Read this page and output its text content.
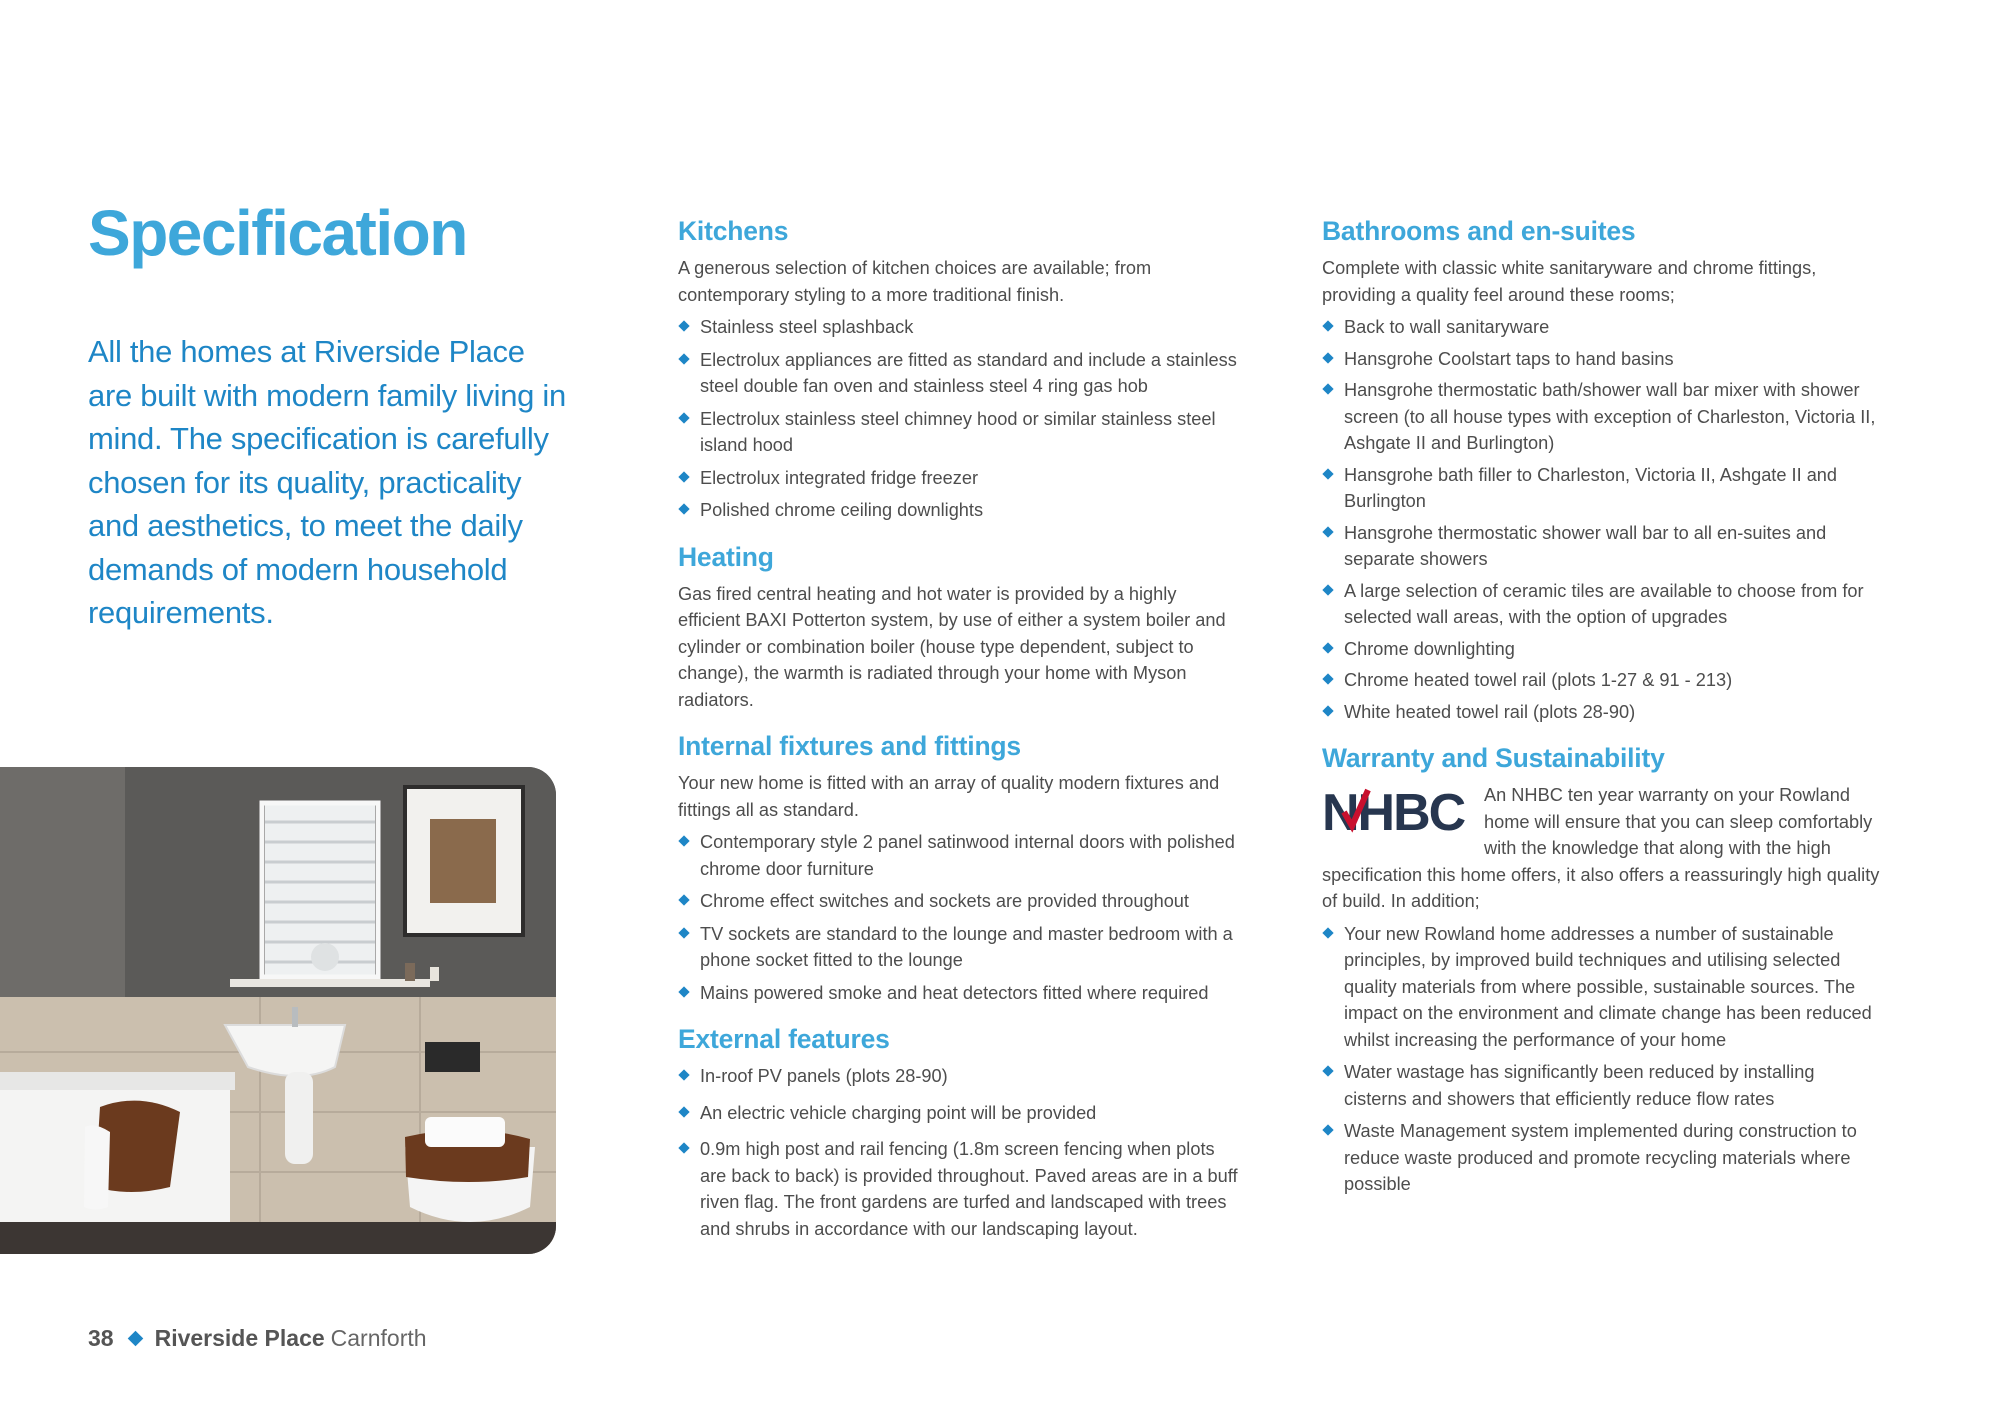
Specification

All the homes at Riverside Place are built with modern family living in mind. The specification is carefully chosen for its quality, practicality and aesthetics, to meet the daily demands of modern household requirements.

Kitchens

A generous selection of kitchen choices are available; from contemporary styling to a more traditional finish.

Stainless steel splashback
Electrolux appliances are fitted as standard and include a stainless steel double fan oven and stainless steel 4 ring gas hob
Electrolux stainless steel chimney hood or similar stainless steel island hood
Electrolux integrated fridge freezer
Polished chrome ceiling downlights
Heating

Gas fired central heating and hot water is provided by a highly efficient BAXI Potterton system, by use of either a system boiler and cylinder or combination boiler (house type dependent, subject to change), the warmth is radiated through your home with Myson radiators.

Internal fixtures and fittings

Your new home is fitted with an array of quality modern fixtures and fittings all as standard.

Contemporary style 2 panel satinwood internal doors with polished chrome door furniture
Chrome effect switches and sockets are provided throughout
TV sockets are standard to the lounge and master bedroom with a phone socket fitted to the lounge
Mains powered smoke and heat detectors fitted where required
External features
In-roof PV panels (plots 28-90)
An electric vehicle charging point will be provided
0.9m high post and rail fencing (1.8m screen fencing when plots are back to back) is provided throughout. Paved areas are in a buff riven flag. The front gardens are turfed and landscaped with trees and shrubs in accordance with our landscaping layout.
Bathrooms and en-suites

Complete with classic white sanitaryware and chrome fittings, providing a quality feel around these rooms;

Back to wall sanitaryware
Hansgrohe Coolstart taps to hand basins
Hansgrohe thermostatic bath/shower wall bar mixer with shower screen (to all house types with exception of Charleston, Victoria II, Ashgate II and Burlington)
Hansgrohe bath filler to Charleston, Victoria II, Ashgate II and Burlington
Hansgrohe thermostatic shower wall bar to all en-suites and separate showers
A large selection of ceramic tiles are available to choose from for selected wall areas, with the option of upgrades
Chrome downlighting
Chrome heated towel rail (plots 1-27 & 91 - 213)
White heated towel rail (plots 28-90)
Warranty and Sustainability
NHBC	An NHBC ten year warranty on your Rowland home will ensure that you can sleep comfortably with the knowledge that along with the high specification this home offers, it also offers a reassuringly high quality of build. In addition;

Your new Rowland home addresses a number of sustainable principles, by improved build techniques and utilising selected quality materials from where possible, sustainable sources. The impact on the environment and climate change has been reduced whilst increasing the performance of your home
Water wastage has significantly been reduced by installing cisterns and showers that efficiently reduce flow rates
Waste Management system implemented during construction to reduce waste produced and promote recycling materials where possible
38 Riverside Place Carnforth
